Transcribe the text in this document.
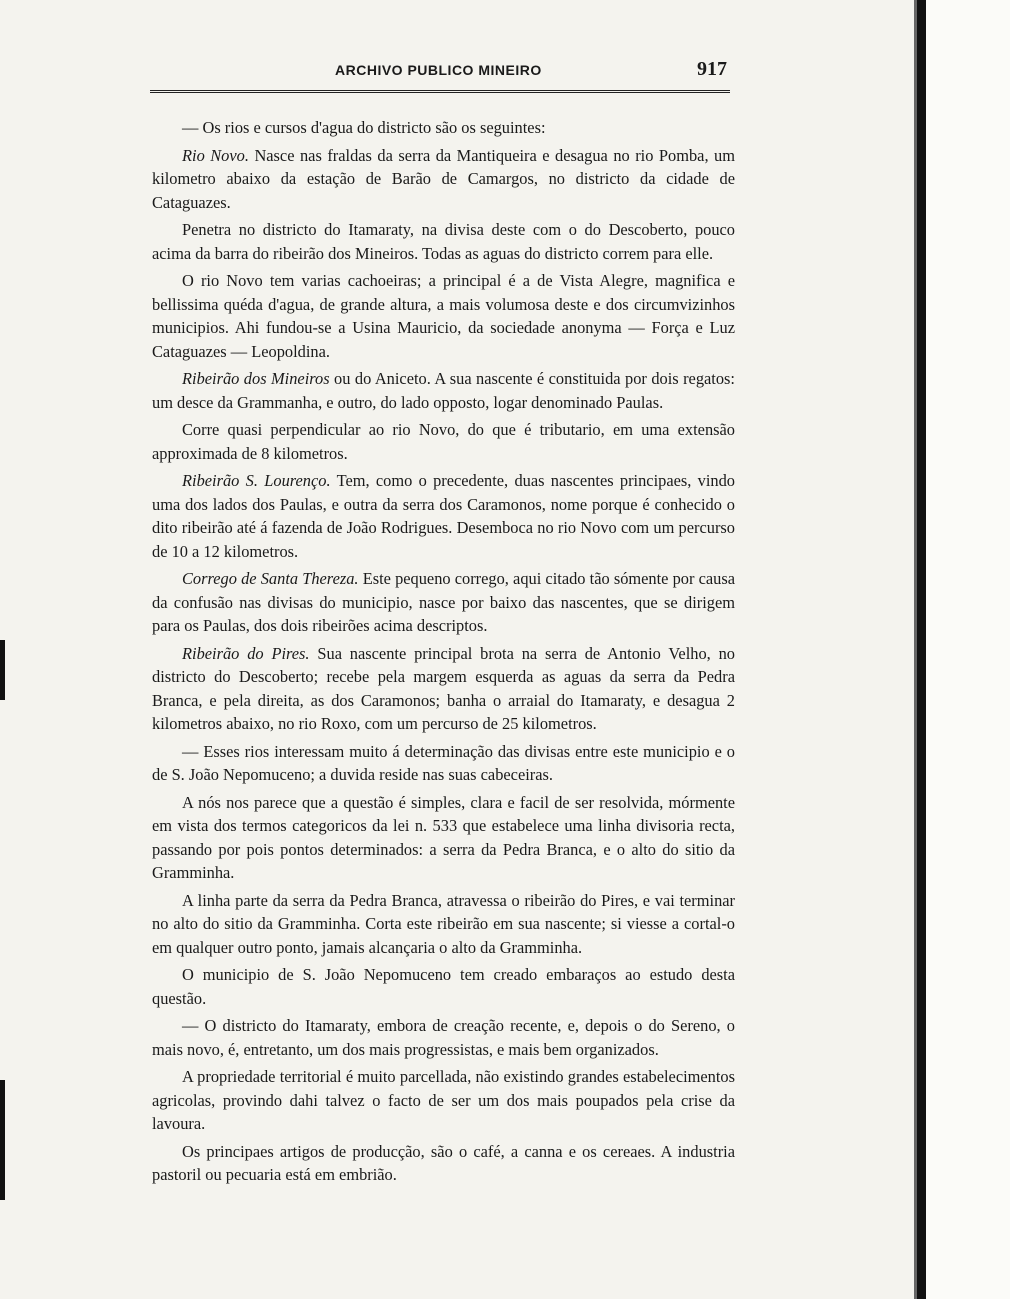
ARCHIVO PUBLICO MINEIRO	917

— Os rios e cursos d'agua do districto são os seguintes:

Rio Novo. Nasce nas fraldas da serra da Mantiqueira e desagua no rio Pomba, um kilometro abaixo da estação de Barão de Camargos, no districto da cidade de Cataguazes.

Penetra no districto do Itamaraty, na divisa deste com o do Descoberto, pouco acima da barra do ribeirão dos Mineiros. Todas as aguas do districto correm para elle.

O rio Novo tem varias cachoeiras; a principal é a de Vista Alegre, magnifica e bellissima quéda d'agua, de grande altura, a mais volumosa deste e dos circumvizinhos municipios. Ahi fundou-se a Usina Mauricio, da sociedade anonyma — Força e Luz Cataguazes — Leopoldina.

Ribeirão dos Mineiros ou do Aniceto. A sua nascente é constituida por dois regatos: um desce da Grammanha, e outro, do lado opposto, logar denominado Paulas.

Corre quasi perpendicular ao rio Novo, do que é tributario, em uma extensão approximada de 8 kilometros.

Ribeirão S. Lourenço. Tem, como o precedente, duas nascentes principaes, vindo uma dos lados dos Paulas, e outra da serra dos Caramonos, nome porque é conhecido o dito ribeirão até á fazenda de João Rodrigues. Desemboca no rio Novo com um percurso de 10 a 12 kilometros.

Corrego de Santa Thereza. Este pequeno corrego, aqui citado tão sómente por causa da confusão nas divisas do municipio, nasce por baixo das nascentes, que se dirigem para os Paulas, dos dois ribeirões acima descriptos.

Ribeirão do Pires. Sua nascente principal brota na serra de Antonio Velho, no districto do Descoberto; recebe pela margem esquerda as aguas da serra da Pedra Branca, e pela direita, as dos Caramonos; banha o arraial do Itamaraty, e desagua 2 kilometros abaixo, no rio Roxo, com um percurso de 25 kilometros.

— Esses rios interessam muito á determinação das divisas entre este municipio e o de S. João Nepomuceno; a duvida reside nas suas cabeceiras.

A nós nos parece que a questão é simples, clara e facil de ser resolvida, mórmente em vista dos termos categoricos da lei n. 533 que estabelece uma linha divisoria recta, passando por pois pontos determinados: a serra da Pedra Branca, e o alto do sitio da Gramminha.

A linha parte da serra da Pedra Branca, atravessa o ribeirão do Pires, e vai terminar no alto do sitio da Gramminha. Corta este ribeirão em sua nascente; si viesse a cortal-o em qualquer outro ponto, jamais alcançaria o alto da Gramminha.

O municipio de S. João Nepomuceno tem creado embaraços ao estudo desta questão.

— O districto do Itamaraty, embora de creação recente, e, depois o do Sereno, o mais novo, é, entretanto, um dos mais progressistas, e mais bem organizados.

A propriedade territorial é muito parcellada, não existindo grandes estabelecimentos agricolas, provindo dahi talvez o facto de ser um dos mais poupados pela crise da lavoura.

Os principaes artigos de producção, são o café, a canna e os cereaes. A industria pastoril ou pecuaria está em embrião.
